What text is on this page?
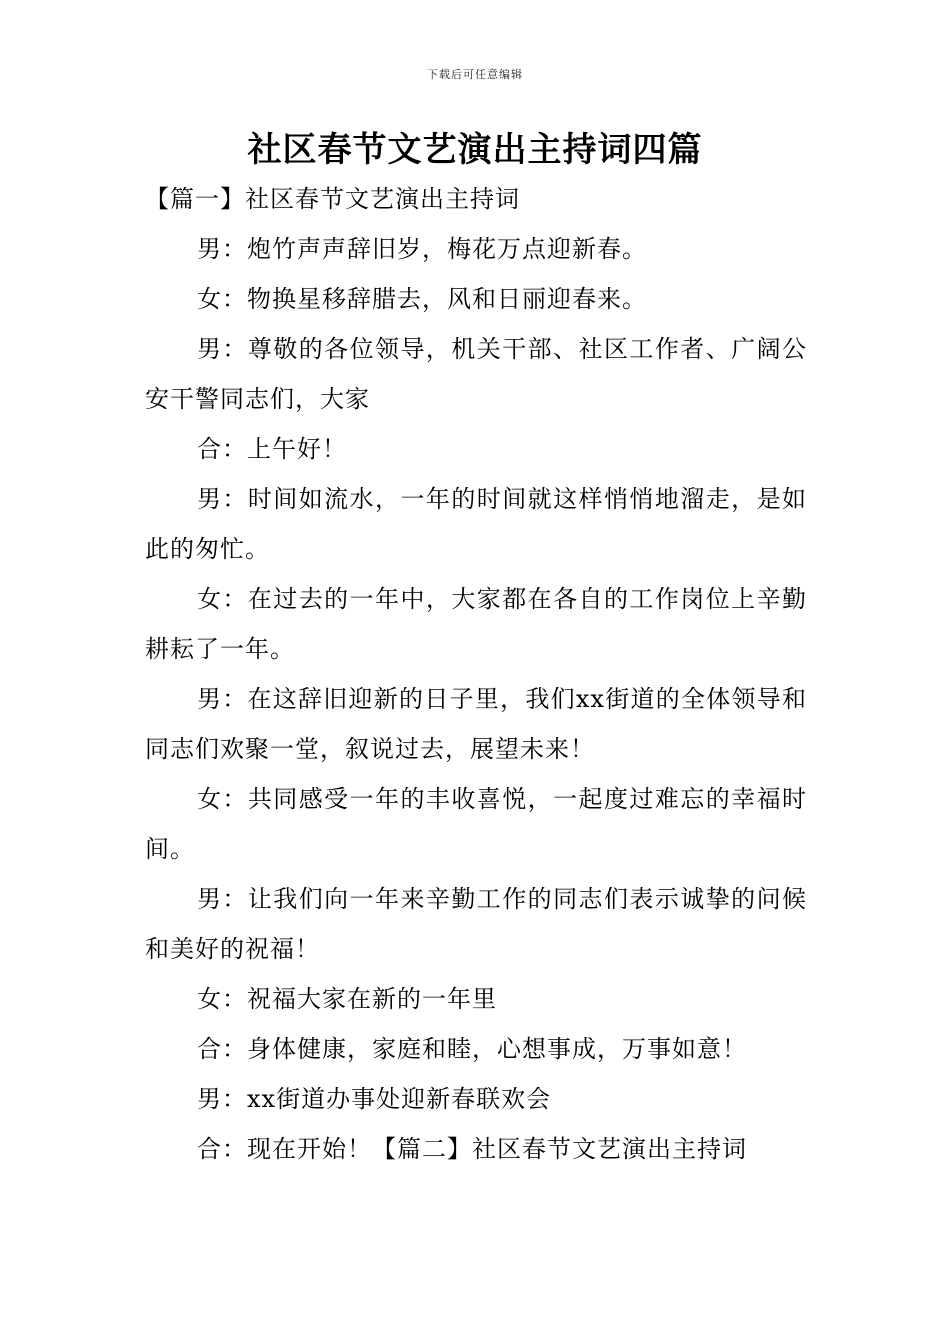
下载后可任意编辑
社区春节文艺演出主持词四篇

【篇一】社区春节文艺演出主持词

男：炮竹声声辞旧岁，梅花万点迎新春。

女：物换星移辞腊去，风和日丽迎春来。

男：尊敬的各位领导，机关干部、社区工作者、广阔公安干警同志们，大家

合：上午好！

男：时间如流水，一年的时间就这样悄悄地溜走，是如此的匆忙。

女：在过去的一年中，大家都在各自的工作岗位上辛勤耕耘了一年。

男：在这辞旧迎新的日子里，我们xx街道的全体领导和同志们欢聚一堂，叙说过去，展望未来！

女：共同感受一年的丰收喜悦，一起度过难忘的幸福时间。

男：让我们向一年来辛勤工作的同志们表示诚挚的问候和美好的祝福！

女：祝福大家在新的一年里

合：身体健康，家庭和睦，心想事成，万事如意！

男：xx街道办事处迎新春联欢会

合：现在开始！【篇二】社区春节文艺演出主持词
